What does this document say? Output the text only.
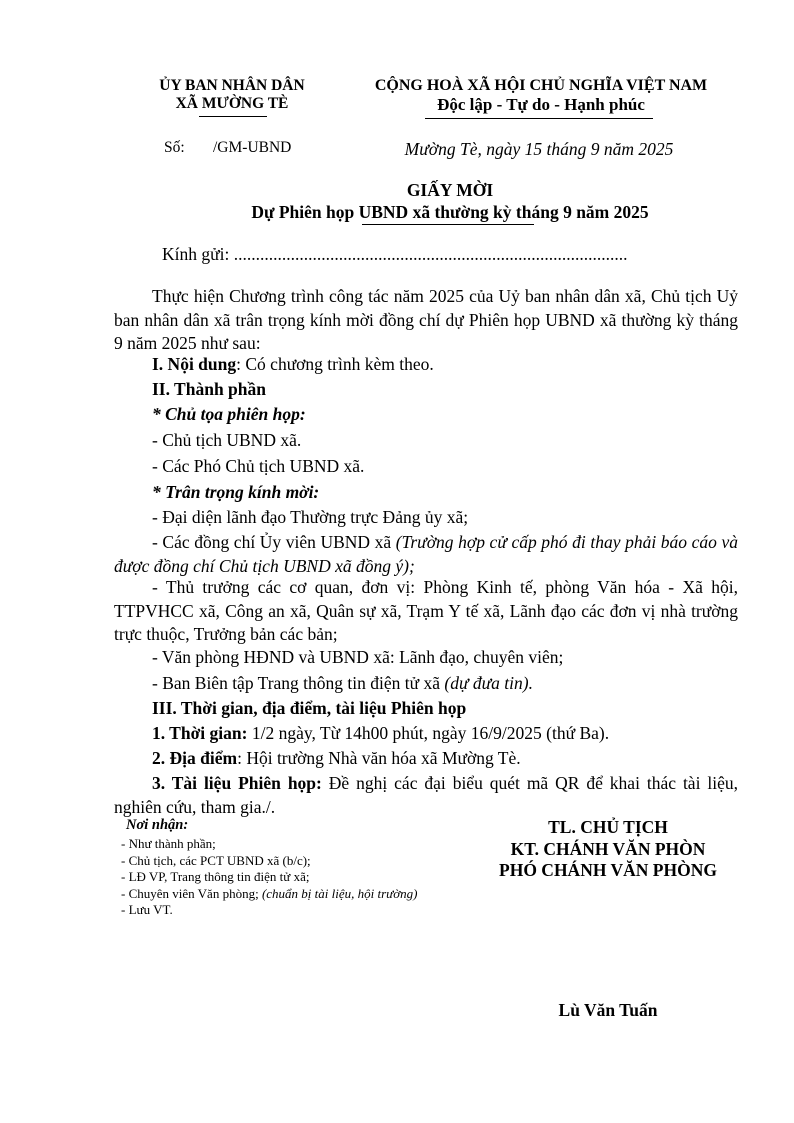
ỦY BAN NHÂN DÂN
XÃ MƯỜNG TÈ
CỘNG HOÀ XÃ HỘI CHỦ NGHĨA VIỆT NAM
Độc lập - Tự do - Hạnh phúc
Số: /GM-UBND	Mường Tè, ngày 15 tháng 9 năm 2025
GIẤY MỜI
Dự Phiên họp UBND xã thường kỳ tháng 9 năm 2025
Kính gửi: ..........................................................................................
Thực hiện Chương trình công tác năm 2025 của Uỷ ban nhân dân xã, Chủ tịch Uỷ ban nhân dân xã trân trọng kính mời đồng chí dự Phiên họp UBND xã thường kỳ tháng 9 năm 2025 như sau:
I. Nội dung: Có chương trình kèm theo.
II. Thành phần
* Chủ tọa phiên họp:
- Chủ tịch UBND xã.
- Các Phó Chủ tịch UBND xã.
* Trân trọng kính mời:
- Đại diện lãnh đạo Thường trực Đảng ủy xã;
- Các đồng chí Ủy viên UBND xã (Trường hợp cử cấp phó đi thay phải báo cáo và được đồng chí Chủ tịch UBND xã đồng ý);
- Thủ trưởng các cơ quan, đơn vị: Phòng Kinh tế, phòng Văn hóa - Xã hội, TTPVHCC xã, Công an xã, Quân sự xã, Trạm Y tế xã, Lãnh đạo các đơn vị nhà trường trực thuộc, Trưởng bản các bản;
- Văn phòng HĐND và UBND xã: Lãnh đạo, chuyên viên;
- Ban Biên tập Trang thông tin điện tử xã (dự đưa tin).
III. Thời gian, địa điểm, tài liệu Phiên họp
1. Thời gian: 1/2 ngày, Từ 14h00 phút, ngày 16/9/2025 (thứ Ba).
2. Địa điểm: Hội trường Nhà văn hóa xã Mường Tè.
3. Tài liệu Phiên họp: Đề nghị các đại biểu quét mã QR để khai thác tài liệu, nghiên cứu, tham gia./.
Nơi nhận:
- Như thành phần;
- Chủ tịch, các PCT UBND xã (b/c);
- LĐ VP, Trang thông tin điện tử xã;
- Chuyên viên Văn phòng; (chuẩn bị tài liệu, hội trường)
- Lưu VT.
TL. CHỦ TỊCH
KT. CHÁNH VĂN PHÒN
PHÓ CHÁNH VĂN PHÒNG
Lù Văn Tuấn
